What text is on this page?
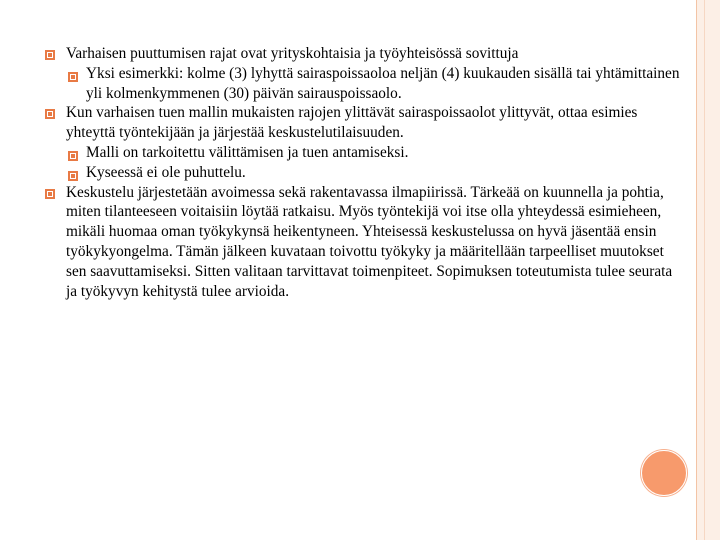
Varhaisen puuttumisen rajat ovat yrityskohtaisia ja työyhteisössä sovittuja
Yksi esimerkki: kolme (3) lyhyttä sairaspoissaoloa neljän (4) kuukauden sisällä tai yhtämittainen yli kolmenkymmenen (30) päivän sairauspoissaolo.
Kun varhaisen tuen mallin mukaisten rajojen ylittävät sairaspoissaolot ylittyvät, ottaa esimies yhteyttä työntekijään ja järjestää keskustelutilaisuuden.
Malli on tarkoitettu välittämisen ja tuen antamiseksi.
Kyseessä ei ole puhuttelu.
Keskustelu järjestetään avoimessa sekä rakentavassa ilmapiirissä. Tärkeää on kuunnella ja pohtia, miten tilanteeseen voitaisiin löytää ratkaisu. Myös työntekijä voi itse olla yhteydessä esimieheen, mikäli huomaa oman työkykynsä heikentyneen. Yhteisessä keskustelussa on hyvä jäsentää ensin työkykyongelma. Tämän jälkeen kuvataan toivottu työkyky ja määritellään tarpeelliset muutokset sen saavuttamiseksi. Sitten valitaan tarvittavat toimenpiteet. Sopimuksen toteutumista tulee seurata ja työkyvyn kehitystä tulee arvioida.
